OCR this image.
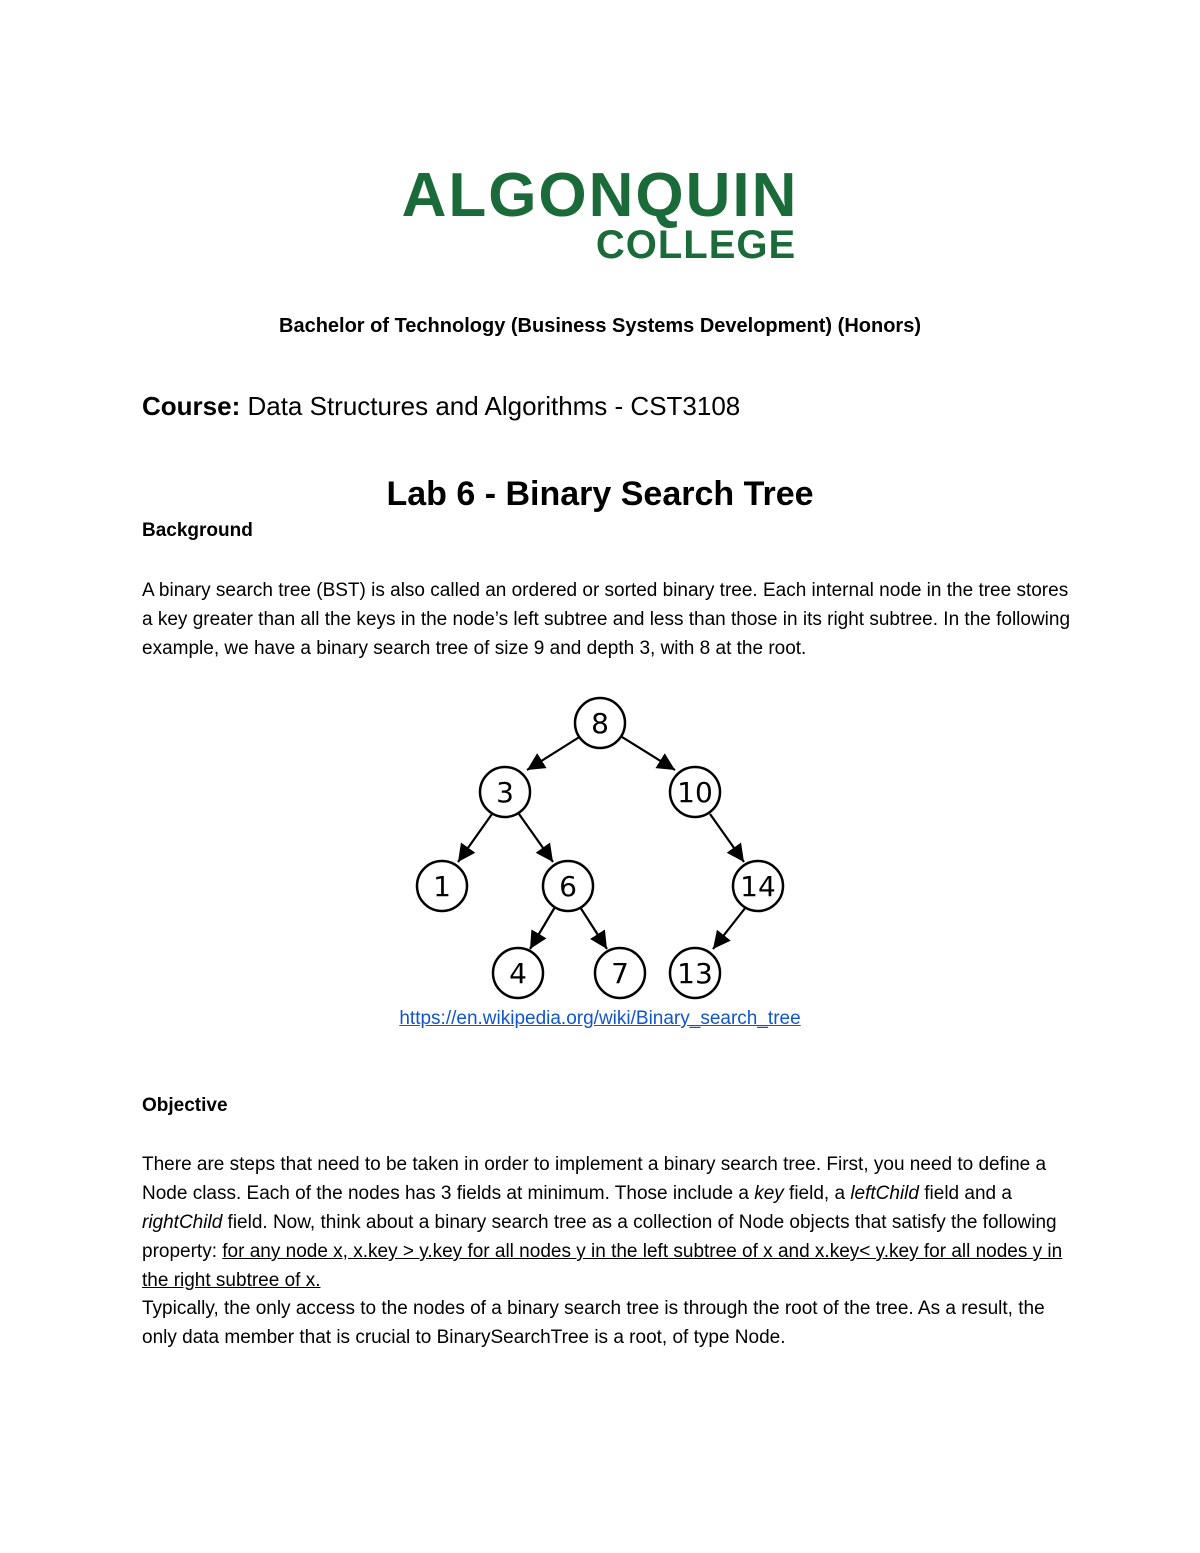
ALGONQUIN
COLLEGE
Bachelor of Technology (Business Systems Development) (Honors)
Course: Data Structures and Algorithms - CST3108
Lab 6 - Binary Search Tree
Background
A binary search tree (BST) is also called an ordered or sorted binary tree. Each internal node in the tree stores a key greater than all the keys in the node’s left subtree and less than those in its right subtree. In the following example, we have a binary search tree of size 9 and depth 3, with 8 at the root.
8
3	10
1	6	14
4	7 13
https://en.wikipedia.org/wiki/Binary_search_tree
Objective
There are steps that need to be taken in order to implement a binary search tree. First, you need to define a Node class. Each of the nodes has 3 fields at minimum. Those include a key field, a leftChild field and a rightChild field. Now, think about a binary search tree as a collection of Node objects that satisfy the following property: for any node x, x.key > y.key for all nodes y in the left subtree of x and x.key< y.key for all nodes y in the right subtree of x.
Typically, the only access to the nodes of a binary search tree is through the root of the tree. As a result, the only data member that is crucial to BinarySearchTree is a root, of type Node.
